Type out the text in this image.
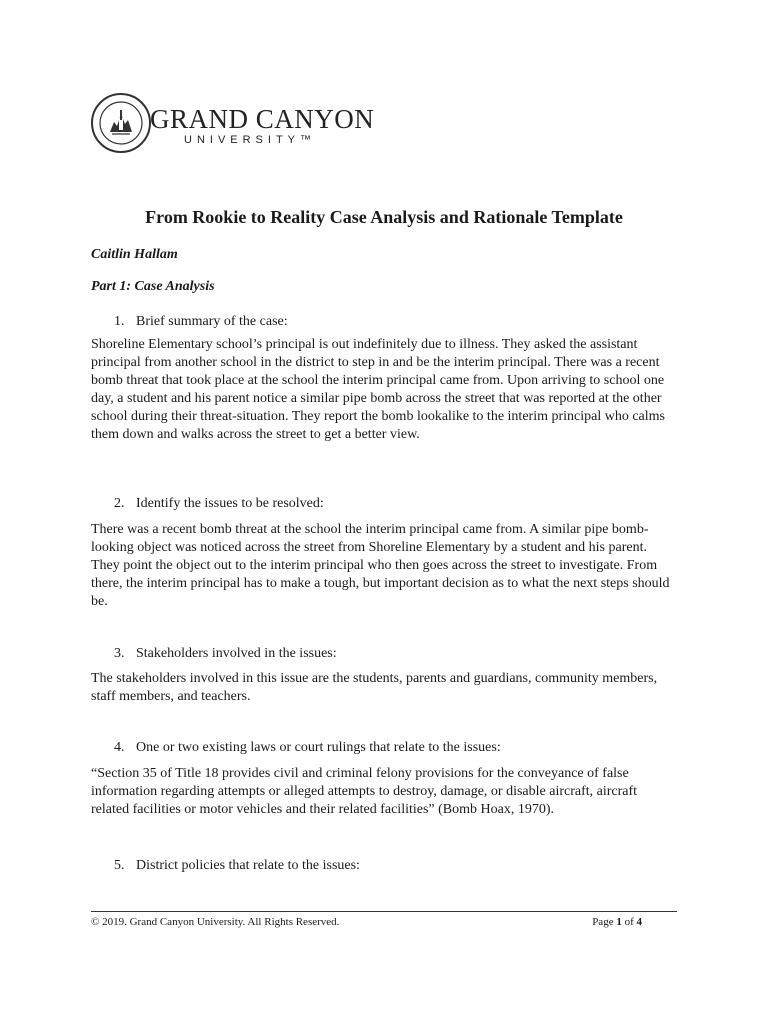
GRAND CANYON
UNIVERSITY™
From Rookie to Reality Case Analysis and Rationale Template
Caitlin Hallam
Part 1: Case Analysis
1. Brief summary of the case:
Shoreline Elementary school’s principal is out indefinitely due to illness. They asked the assistant principal from another school in the district to step in and be the interim principal. There was a recent bomb threat that took place at the school the interim principal came from. Upon arriving to school one day, a student and his parent notice a similar pipe bomb across the street that was reported at the other school during their threat-situation. They report the bomb lookalike to the interim principal who calms them down and walks across the street to get a better view.
2. Identify the issues to be resolved:
There was a recent bomb threat at the school the interim principal came from. A similar pipe bomb-looking object was noticed across the street from Shoreline Elementary by a student and his parent. They point the object out to the interim principal who then goes across the street to investigate. From there, the interim principal has to make a tough, but important decision as to what the next steps should be.
3. Stakeholders involved in the issues:
The stakeholders involved in this issue are the students, parents and guardians, community members, staff members, and teachers.
4. One or two existing laws or court rulings that relate to the issues:
“Section 35 of Title 18 provides civil and criminal felony provisions for the conveyance of false information regarding attempts or alleged attempts to destroy, damage, or disable aircraft, aircraft related facilities or motor vehicles and their related facilities” (Bomb Hoax, 1970).
5. District policies that relate to the issues:
© 2019. Grand Canyon University. All Rights Reserved.	Page 1 of 4
